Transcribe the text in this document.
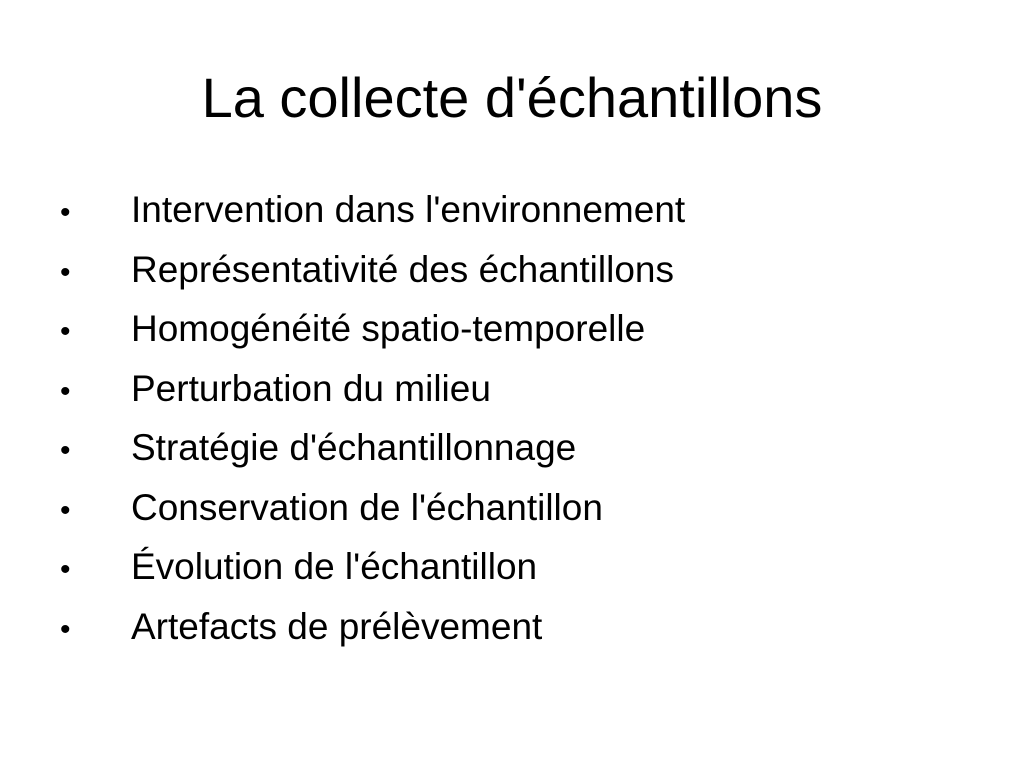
La collecte d'échantillons
•	Intervention dans l'environnement
•	Représentativité des échantillons
•	Homogénéité spatio-temporelle
•	Perturbation du milieu
•	Stratégie d'échantillonnage
•	Conservation de l'échantillon
•	Évolution de l'échantillon
•	Artefacts de prélèvement
